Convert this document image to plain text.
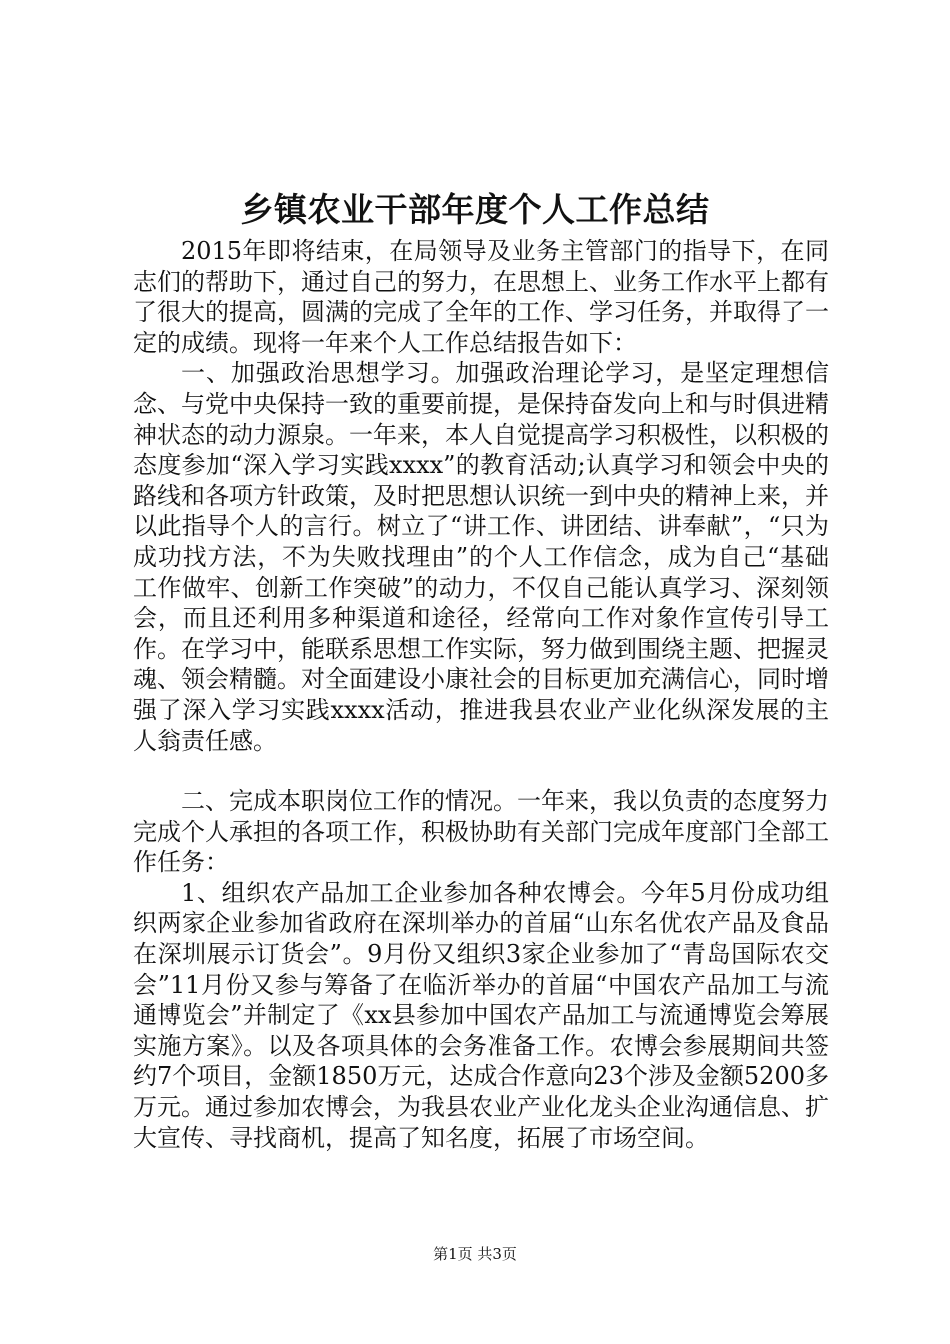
乡镇农业干部年度个人工作总结

2015年即将结束，在局领导及业务主管部门的指导下，在同志们的帮助下，通过自己的努力，在思想上、业务工作水平上都有了很大的提高，圆满的完成了全年的工作、学习任务，并取得了一定的成绩。现将一年来个人工作总结报告如下：

一、加强政治思想学习。加强政治理论学习，是坚定理想信念、与党中央保持一致的重要前提，是保持奋发向上和与时俱进精神状态的动力源泉。一年来，本人自觉提高学习积极性，以积极的态度参加“深入学习实践xxxx”的教育活动;认真学习和领会中央的路线和各项方针政策，及时把思想认识统一到中央的精神上来，并以此指导个人的言行。树立了“讲工作、讲团结、讲奉献”，“只为成功找方法，不为失败找理由”的个人工作信念，成为自己“基础工作做牢、创新工作突破”的动力，不仅自己能认真学习、深刻领会，而且还利用多种渠道和途径，经常向工作对象作宣传引导工作。在学习中，能联系思想工作实际，努力做到围绕主题、把握灵魂、领会精髓。对全面建设小康社会的目标更加充满信心，同时增强了深入学习实践xxxx活动，推进我县农业产业化纵深发展的主人翁责任感。

二、完成本职岗位工作的情况。一年来，我以负责的态度努力完成个人承担的各项工作，积极协助有关部门完成年度部门全部工作任务：

1、组织农产品加工企业参加各种农博会。今年5月份成功组织两家企业参加省政府在深圳举办的首届“山东名优农产品及食品在深圳展示订货会”。9月份又组织3家企业参加了“青岛国际农交会”11月份又参与筹备了在临沂举办的首届“中国农产品加工与流通博览会”并制定了《xx县参加中国农产品加工与流通博览会筹展实施方案》。以及各项具体的会务准备工作。农博会参展期间共签约7个项目，金额1850万元，达成合作意向23个涉及金额5200多万元。通过参加农博会，为我县农业产业化龙头企业沟通信息、扩大宣传、寻找商机，提高了知名度，拓展了市场空间。

第1页 共3页
